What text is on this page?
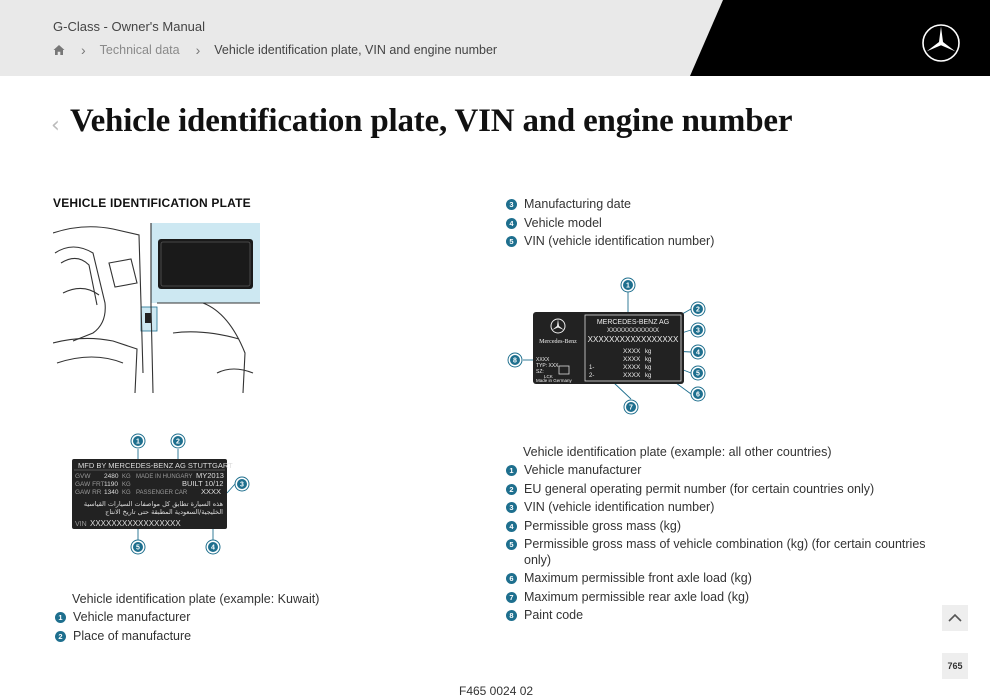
G-Class - Owner's Manual
› Technical data › Vehicle identification plate, VIN and engine number
‹ Vehicle identification plate, VIN and engine number
VEHICLE IDENTIFICATION PLATE
MFD BY MERCEDES-BENZ AG STUTTGART
GVW 2480 KG
GAW FRT 1190 KG
GAW RR 1340 KG
MADE IN HUNGARY
PASSENGER CAR
MY2013
BUILT 10/12
XXXX
هذه السيارة تطابق كل مواصفات السيارات القياسية
الخليجية/السعودية المطبقة حتى تاريخ الانتاج
VIN XXXXXXXXXXXXXXXXX
1	2
3
4
5
Vehicle identification plate (example: Kuwait)
1 Vehicle manufacturer
2 Place of manufacture
3 Manufacturing date
4 Vehicle model
5 VIN (vehicle identification number)
Mercedes-Benz
MERCEDES-BENZ AG
XXXXXXXXXXXXX
XXXXXXXXXXXXXXXXX
XXXX kg
XXXX kg
1-	XXXX kg
2-	XXXX kg
XXXX
TYP: XXX
SZ:
LCK
Made in Germany
1
2
3
4
5
6
7
8
Vehicle identification plate (example: all other countries)
1 Vehicle manufacturer
2 EU general operating permit number (for certain countries only)
3 VIN (vehicle identification number)
4 Permissible gross mass (kg)
5 Permissible gross mass of vehicle combination (kg) (for certain countries only)
6 Maximum permissible front axle load (kg)
7 Maximum permissible rear axle load (kg)
8 Paint code
765
F465 0024 02
